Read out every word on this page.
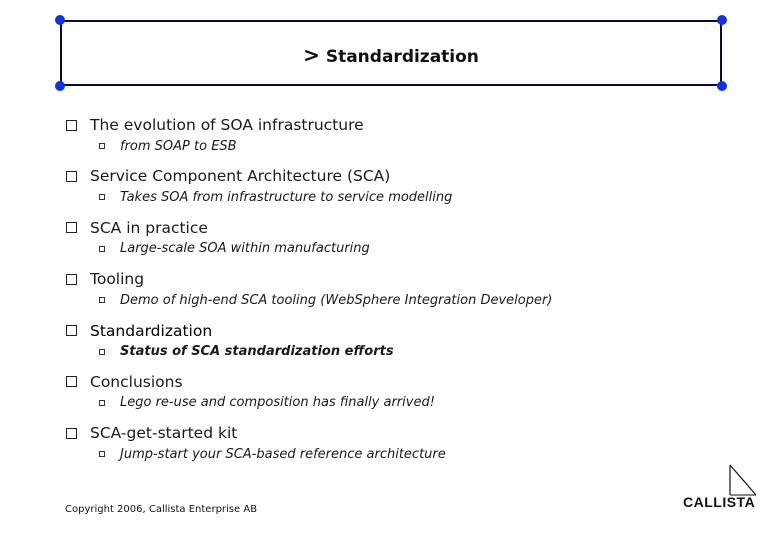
> Standardization
The evolution of SOA infrastructure
from SOAP to ESB
Service Component Architecture (SCA)
Takes SOA from infrastructure to service modelling
SCA in practice
Large-scale SOA within manufacturing
Tooling
Demo of high-end SCA tooling (WebSphere Integration Developer)
Standardization
Status of SCA standardization efforts
Conclusions
Lego re-use and composition has finally arrived!
SCA-get-started kit
Jump-start your SCA-based reference architecture
Copyright 2006, Callista Enterprise AB	CALLISTA
